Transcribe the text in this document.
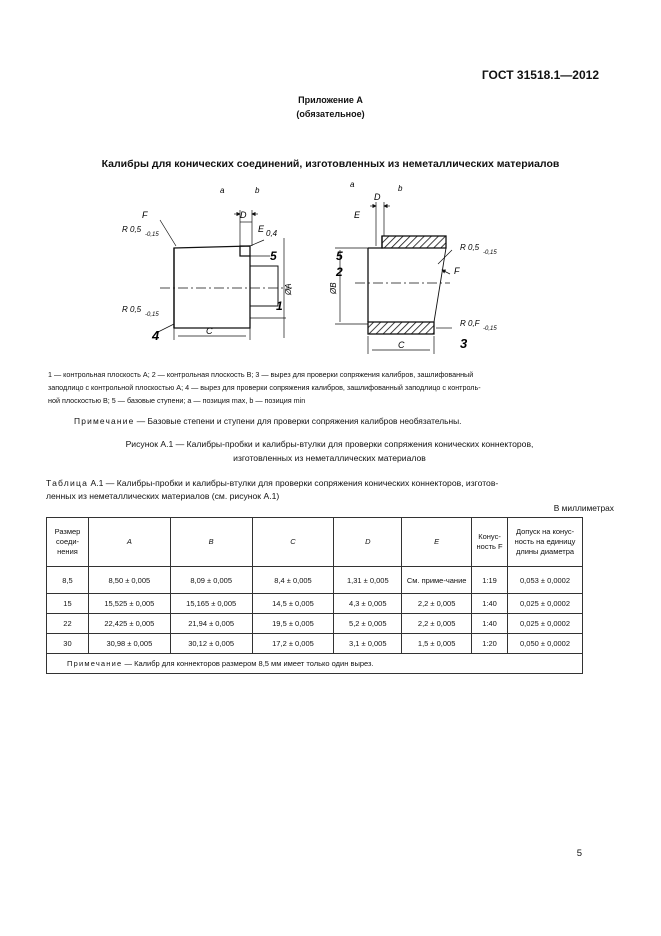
ГОСТ 31518.1—2012
Приложение А
(обязательное)
Калибры для конических соединений, изготовленных из неметаллических материалов
a	b
D
E 0,4
F
R 0,5
-0,15
R 0,5
-0,15
4	C
5
1
ØA
a	b
D
E
5
2
ØB
R 0,5
-0,15
F
R 0,F
-0,15
3
C
1 — контрольная плоскость A; 2 — контрольная плоскость B; 3 — вырез для проверки сопряжения калибров, зашлифованный
заподлицо с контрольной плоскостью A; 4 — вырез для проверки сопряжения калибров, зашлифованный заподлицо с контроль-
ной плоскостью B; 5 — базовые ступени; a — позиция max, b — позиция min
Примечание — Базовые степени и ступени для проверки сопряжения калибров необязательны.
Рисунок А.1 — Калибры-пробки и калибры-втулки для проверки сопряжения конических коннекторов,
изготовленных из неметаллических материалов
Таблица А.1 — Калибры-пробки и калибры-втулки для проверки сопряжения конических коннекторов, изготов-
ленных из неметаллических материалов (см. рисунок А.1)
В миллиметрах
Размер соеди-нения	A	B	C	D	E	Конус-ность F	Допуск на конус-ность на единицу длины диаметра
8,5	8,50 ± 0,005	8,09 ± 0,005	8,4 ± 0,005	1,31 ± 0,005	См. приме-чание	1:19	0,053 ± 0,0002
15	15,525 ± 0,005	15,165 ± 0,005	14,5 ± 0,005	4,3 ± 0,005	2,2 ± 0,005	1:40	0,025 ± 0,0002
22	22,425 ± 0,005	21,94 ± 0,005	19,5 ± 0,005	5,2 ± 0,005	2,2 ± 0,005	1:40	0,025 ± 0,0002
30	30,98 ± 0,005	30,12 ± 0,005	17,2 ± 0,005	3,1 ± 0,005	1,5 ± 0,005	1:20	0,050 ± 0,0002
Примечание — Калибр для коннекторов размером 8,5 мм имеет только один вырез.							
5
